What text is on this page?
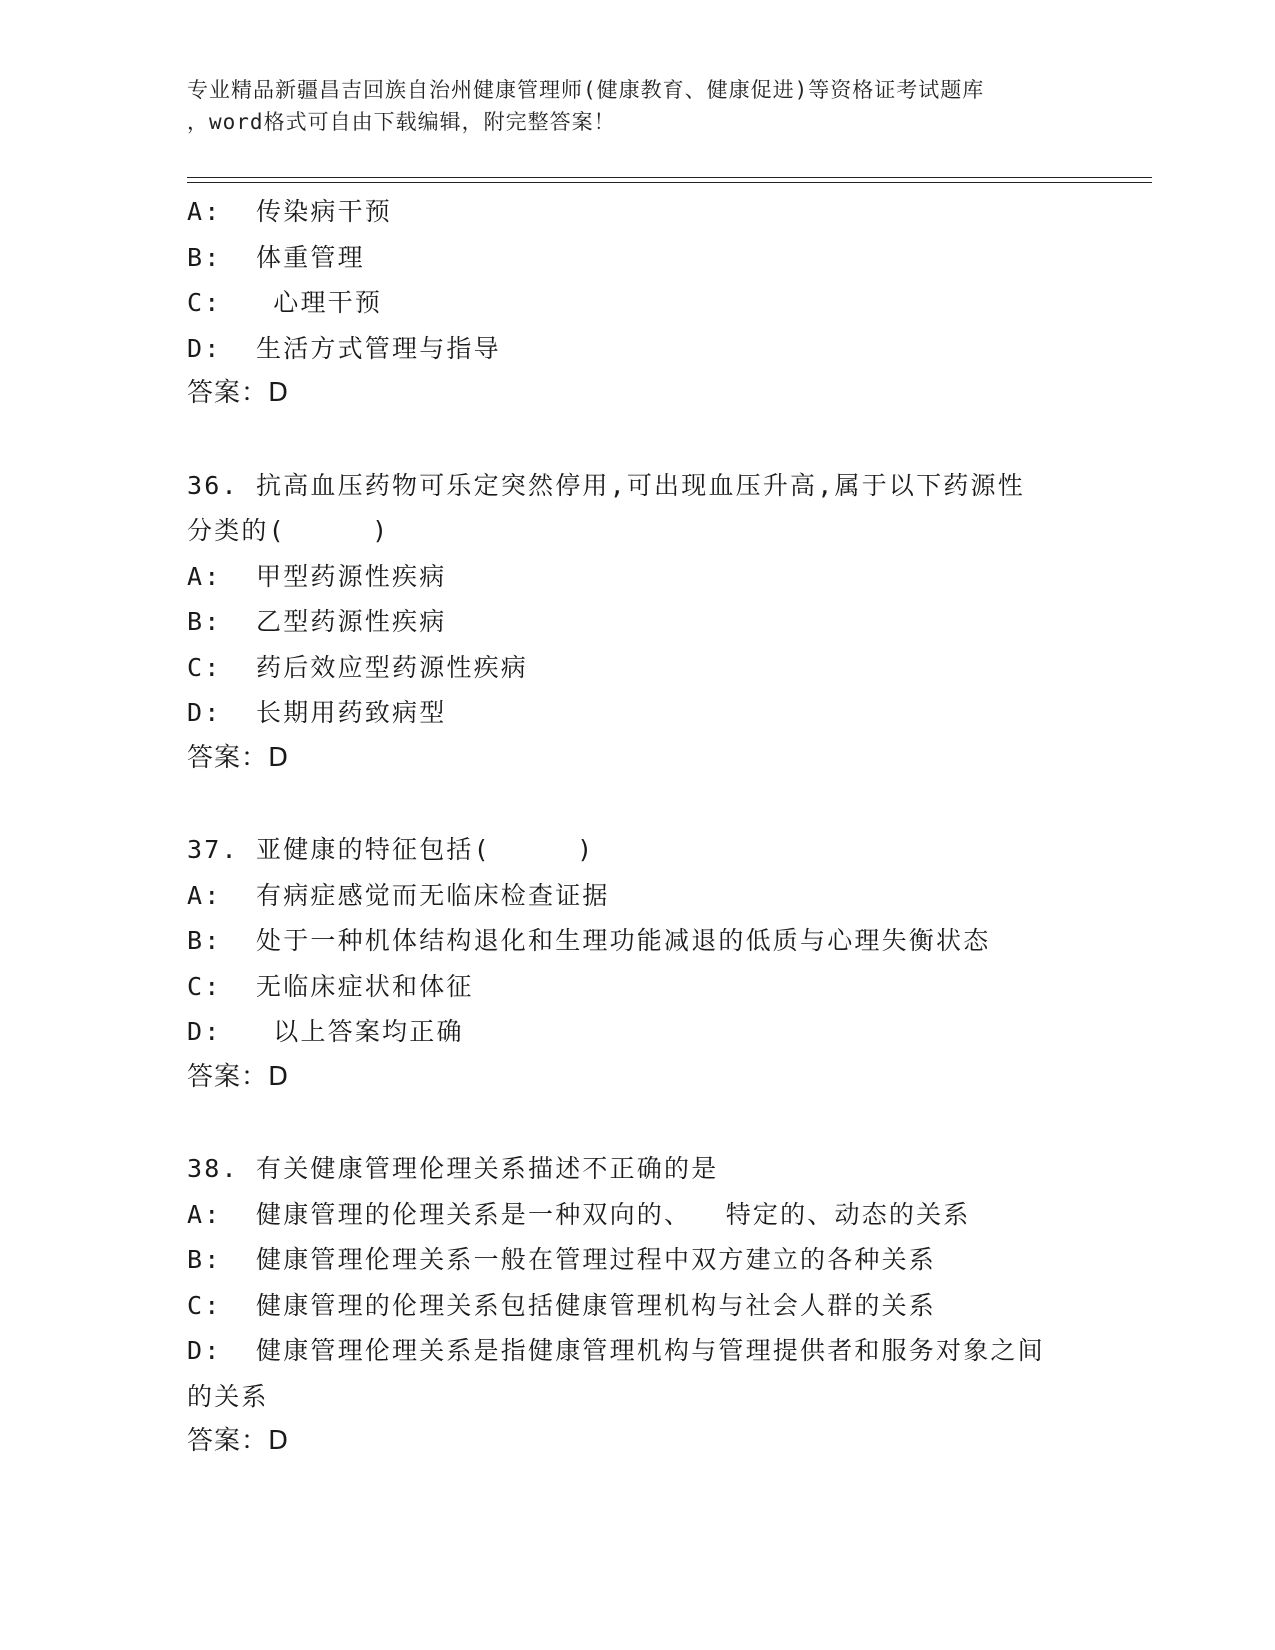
专业精品新疆昌吉回族自治州健康管理师(健康教育、健康促进)等资格证考试题库
，word格式可自由下载编辑，附完整答案！

A:  传染病干预

B:  体重管理

C:   心理干预

D:  生活方式管理与指导

答案：D

36. 抗高血压药物可乐定突然停用,可出现血压升高,属于以下药源性

分类的(     )

A:  甲型药源性疾病

B:  乙型药源性疾病

C:  药后效应型药源性疾病

D:  长期用药致病型

答案：D

37. 亚健康的特征包括(     )

A:  有病症感觉而无临床检查证据

B:  处于一种机体结构退化和生理功能减退的低质与心理失衡状态

C:  无临床症状和体征

D:   以上答案均正确

答案：D

38. 有关健康管理伦理关系描述不正确的是

A:  健康管理的伦理关系是一种双向的、  特定的、动态的关系

B:  健康管理伦理关系一般在管理过程中双方建立的各种关系

C:  健康管理的伦理关系包括健康管理机构与社会人群的关系

D:  健康管理伦理关系是指健康管理机构与管理提供者和服务对象之间

的关系

答案：D
